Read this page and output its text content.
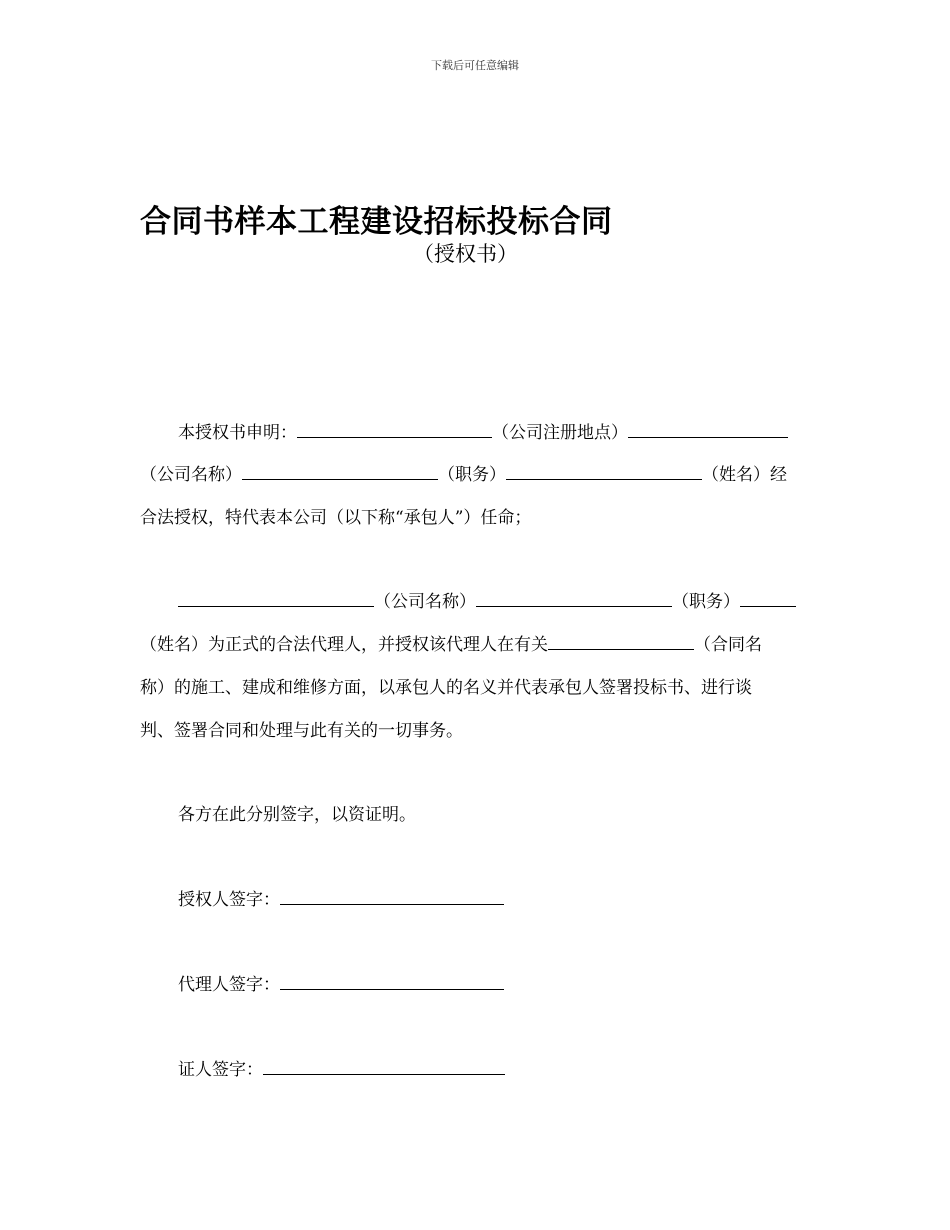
下载后可任意编辑
合同书样本工程建设招标投标合同
（授权书）
本授权书申明：	（公司注册地点）
（公司名称）	（职务）	（姓名）经
合法授权，特代表本公司（以下称“承包人”）任命；
（公司名称）	（职务）
（姓名）为正式的合法代理人，并授权该代理人在有关	（合同名
称）的施工、建成和维修方面，以承包人的名义并代表承包人签署投标书、进行谈
判、签署合同和处理与此有关的一切事务。
各方在此分别签字，以资证明。
授权人签字：
代理人签字：
证人签字：
